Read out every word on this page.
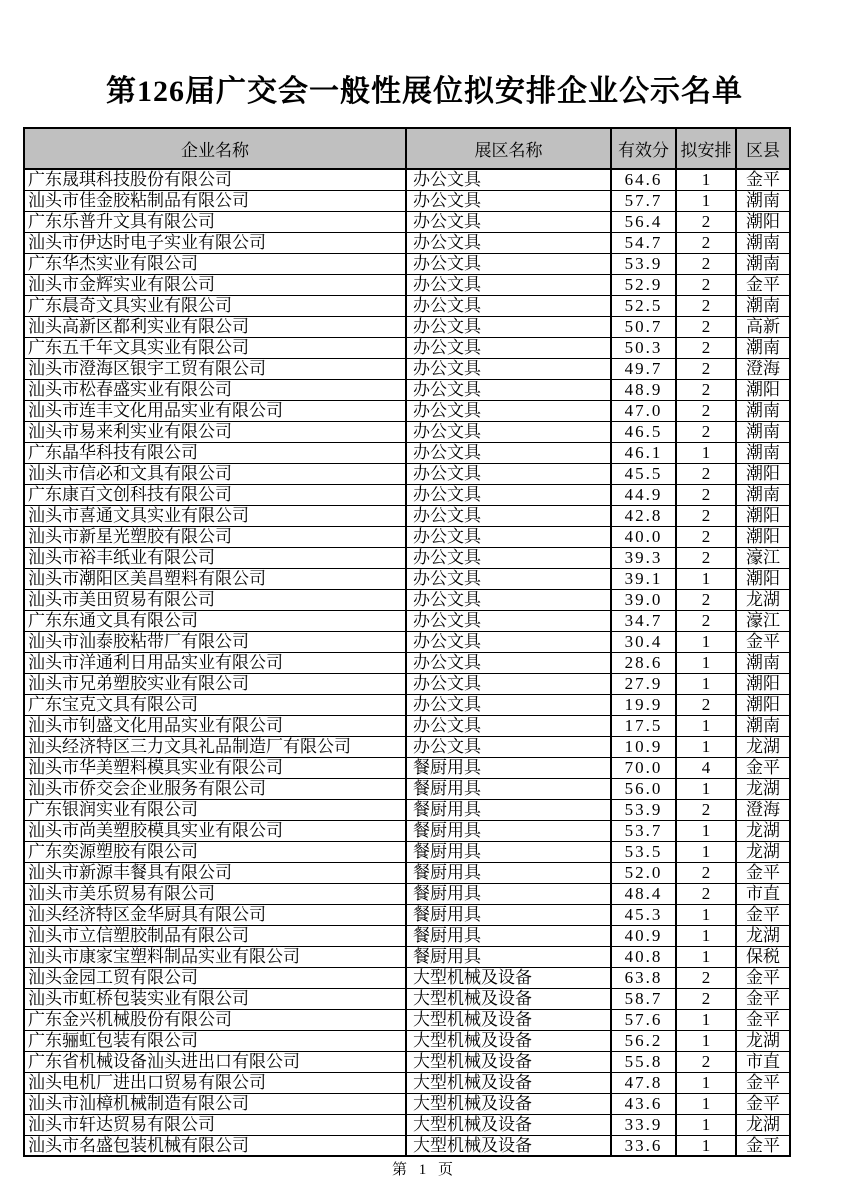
第126届广交会一般性展位拟安排企业公示名单
企业名称	展区名称	有效分	拟安排	区县
广东晟琪科技股份有限公司	办公文具	64.6	1	金平
汕头市佳金胶粘制品有限公司	办公文具	57.7	1	潮南
广东乐普升文具有限公司	办公文具	56.4	2	潮阳
汕头市伊达时电子实业有限公司	办公文具	54.7	2	潮南
广东华杰实业有限公司	办公文具	53.9	2	潮南
汕头市金辉实业有限公司	办公文具	52.9	2	金平
广东晨奇文具实业有限公司	办公文具	52.5	2	潮南
汕头高新区都利实业有限公司	办公文具	50.7	2	高新
广东五千年文具实业有限公司	办公文具	50.3	2	潮南
汕头市澄海区银宇工贸有限公司	办公文具	49.7	2	澄海
汕头市松春盛实业有限公司	办公文具	48.9	2	潮阳
汕头市连丰文化用品实业有限公司	办公文具	47.0	2	潮南
汕头市易来利实业有限公司	办公文具	46.5	2	潮南
广东晶华科技有限公司	办公文具	46.1	1	潮南
汕头市信必和文具有限公司	办公文具	45.5	2	潮阳
广东康百文创科技有限公司	办公文具	44.9	2	潮南
汕头市喜通文具实业有限公司	办公文具	42.8	2	潮阳
汕头市新星光塑胶有限公司	办公文具	40.0	2	潮阳
汕头市裕丰纸业有限公司	办公文具	39.3	2	濠江
汕头市潮阳区美昌塑料有限公司	办公文具	39.1	1	潮阳
汕头市美田贸易有限公司	办公文具	39.0	2	龙湖
广东东通文具有限公司	办公文具	34.7	2	濠江
汕头市汕泰胶粘带厂有限公司	办公文具	30.4	1	金平
汕头市洋通利日用品实业有限公司	办公文具	28.6	1	潮南
汕头市兄弟塑胶实业有限公司	办公文具	27.9	1	潮阳
广东宝克文具有限公司	办公文具	19.9	2	潮阳
汕头市钊盛文化用品实业有限公司	办公文具	17.5	1	潮南
汕头经济特区三力文具礼品制造厂有限公司	办公文具	10.9	1	龙湖
汕头市华美塑料模具实业有限公司	餐厨用具	70.0	4	金平
汕头市侨交会企业服务有限公司	餐厨用具	56.0	1	龙湖
广东银润实业有限公司	餐厨用具	53.9	2	澄海
汕头市尚美塑胶模具实业有限公司	餐厨用具	53.7	1	龙湖
广东奕源塑胶有限公司	餐厨用具	53.5	1	龙湖
汕头市新源丰餐具有限公司	餐厨用具	52.0	2	金平
汕头市美乐贸易有限公司	餐厨用具	48.4	2	市直
汕头经济特区金华厨具有限公司	餐厨用具	45.3	1	金平
汕头市立信塑胶制品有限公司	餐厨用具	40.9	1	龙湖
汕头市康家宝塑料制品实业有限公司	餐厨用具	40.8	1	保税
汕头金园工贸有限公司	大型机械及设备	63.8	2	金平
汕头市虹桥包装实业有限公司	大型机械及设备	58.7	2	金平
广东金兴机械股份有限公司	大型机械及设备	57.6	1	金平
广东骊虹包装有限公司	大型机械及设备	56.2	1	龙湖
广东省机械设备汕头进出口有限公司	大型机械及设备	55.8	2	市直
汕头电机厂进出口贸易有限公司	大型机械及设备	47.8	1	金平
汕头市汕樟机械制造有限公司	大型机械及设备	43.6	1	金平
汕头市轩达贸易有限公司	大型机械及设备	33.9	1	龙湖
汕头市名盛包装机械有限公司	大型机械及设备	33.6	1	金平
第 1 页
